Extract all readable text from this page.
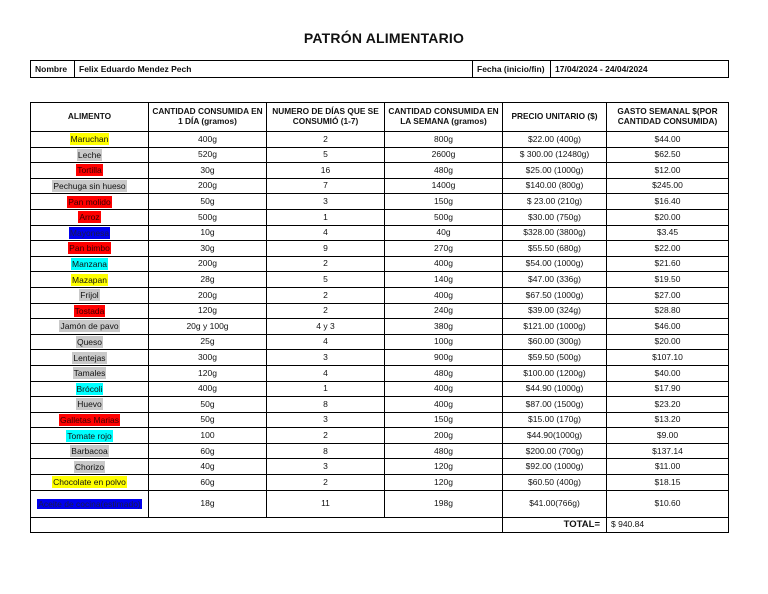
PATRÓN ALIMENTARIO
Nombre	Felix Eduardo Mendez Pech	Fecha (inicio/fin)	17/04/2024 - 24/04/2024
ALIMENTO	CANTIDAD CONSUMIDA EN 1 DÍA (gramos)	NUMERO DE DÍAS QUE SE CONSUMIÓ (1-7)	CANTIDAD CONSUMIDA EN LA SEMANA (gramos)	PRECIO UNITARIO ($)	GASTO SEMANAL $(POR CANTIDAD CONSUMIDA)
Maruchan	400g	2	800g	$22.00 (400g)	$44.00
Leche	520g	5	2600g	$ 300.00 (12480g)	$62.50
Tortilla	30g	16	480g	$25.00 (1000g)	$12.00
Pechuga sin hueso	200g	7	1400g	$140.00 (800g)	$245.00
Pan molido	50g	3	150g	$ 23.00 (210g)	$16.40
Arroz	500g	1	500g	$30.00 (750g)	$20.00
Mayonesa	10g	4	40g	$328.00 (3800g)	$3.45
Pan bimbo	30g	9	270g	$55.50 (680g)	$22.00
Manzana	200g	2	400g	$54.00 (1000g)	$21.60
Mazapan	28g	5	140g	$47.00 (336g)	$19.50
Frijol	200g	2	400g	$67.50 (1000g)	$27.00
Tostada	120g	2	240g	$39.00 (324g)	$28.80
Jamón de pavo	20g y 100g	4 y 3	380g	$121.00 (1000g)	$46.00
Queso	25g	4	100g	$60.00 (300g)	$20.00
Lentejas	300g	3	900g	$59.50 (500g)	$107.10
Tamales	120g	4	480g	$100.00 (1200g)	$40.00
Brócoli	400g	1	400g	$44.90 (1000g)	$17.90
Huevo	50g	8	400g	$87.00 (1500g)	$23.20
Galletas Marias	50g	3	150g	$15.00 (170g)	$13.20
Tomate rojo	100	2	200g	$44.90(1000g)	$9.00
Barbacoa	60g	8	480g	$200.00 (700g)	$137.14
Chorizo	40g	3	120g	$92.00 (1000g)	$11.00
Chocolate en polvo	60g	2	120g	$60.50 (400g)	$18.15
Aceite de cocina(estimado)	18g	11	198g	$41.00(766g)	$10.60
				TOTAL=	$ 940.84
